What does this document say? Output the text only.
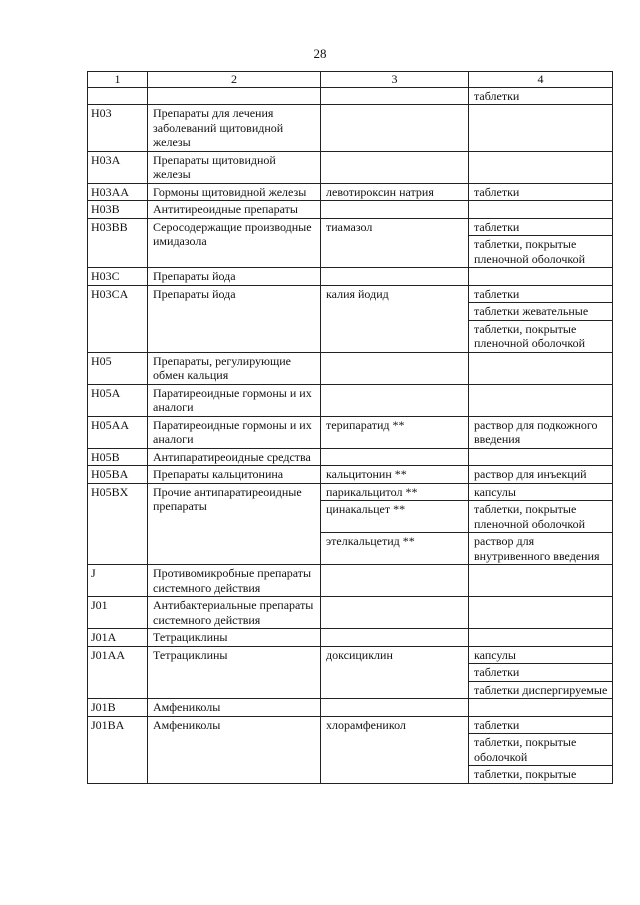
28
1	2	3	4
			таблетки
H03	Препараты для лечения заболеваний щитовидной железы		
H03A	Препараты щитовидной железы		
H03AA	Гормоны щитовидной железы	левотироксин натрия	таблетки
H03B	Антитиреоидные препараты		
H03BB	Серосодержащие производные имидазола	тиамазол	таблетки
			таблетки, покрытые пленочной оболочкой
H03C	Препараты йода		
H03CA	Препараты йода	калия йодид	таблетки
			таблетки жевательные
			таблетки, покрытые пленочной оболочкой
H05	Препараты, регулирующие обмен кальция		
H05A	Паратиреоидные гормоны и их аналоги		
H05AA	Паратиреоидные гормоны и их аналоги	терипаратид **	раствор для подкожного введения
H05B	Антипаратиреоидные средства		
H05BA	Препараты кальцитонина	кальцитонин **	раствор для инъекций
H05BX	Прочие антипаратиреоидные препараты	парикальцитол **	капсулы
		цинакальцет **	таблетки, покрытые пленочной оболочкой
		этелкальцетид **	раствор для внутривенного введения
J	Противомикробные препараты системного действия		
J01	Антибактериальные препараты системного действия		
J01A	Тетрациклины		
J01AA	Тетрациклины	доксициклин	капсулы
			таблетки
			таблетки диспергируемые
J01B	Амфениколы		
J01BA	Амфениколы	хлорамфеникол	таблетки
			таблетки, покрытые оболочкой
			таблетки, покрытые
